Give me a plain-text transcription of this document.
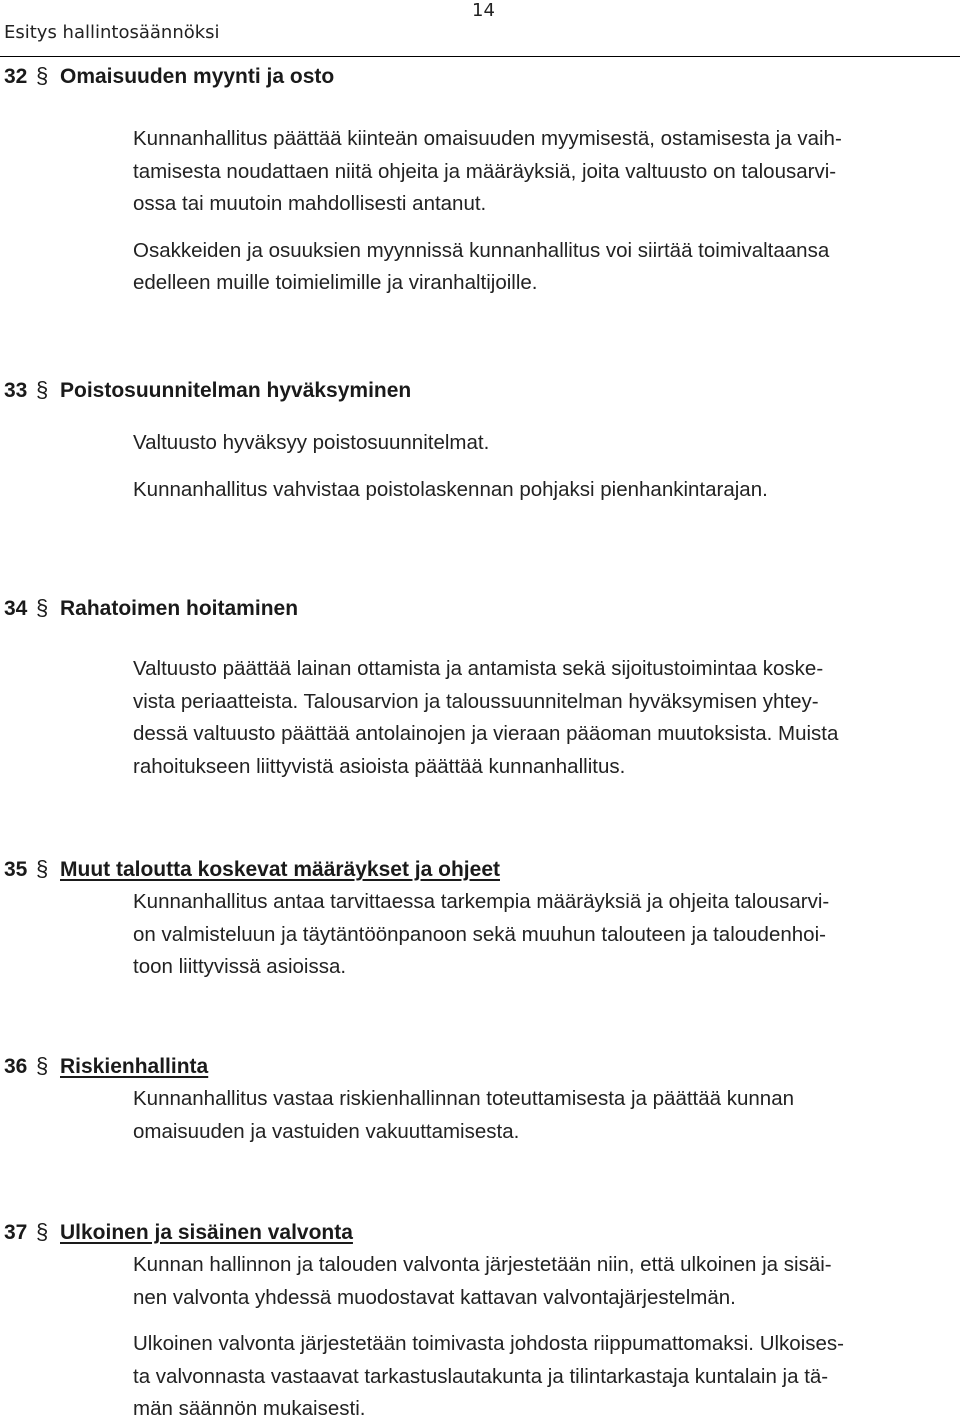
Esitys hallintosäännöksi
14
32 § Omaisuuden myynti ja osto

Kunnanhallitus päättää kiinteän omaisuuden myymisestä, ostamisesta ja vaih-
tamisesta noudattaen niitä ohjeita ja määräyksiä, joita valtuusto on talousarvi-
ossa tai muutoin mahdollisesti antanut.

Osakkeiden ja osuuksien myynnissä kunnanhallitus voi siirtää toimivaltaansa
edelleen muille toimielimille ja viranhaltijoille.

33 § Poistosuunnitelman hyväksyminen

Valtuusto hyväksyy poistosuunnitelmat.

Kunnanhallitus vahvistaa poistolaskennan pohjaksi pienhankintarajan.

34 § Rahatoimen hoitaminen

Valtuusto päättää lainan ottamista ja antamista sekä sijoitustoimintaa koske-
vista periaatteista. Talousarvion ja taloussuunnitelman hyväksymisen yhtey-
dessä valtuusto päättää antolainojen ja vieraan pääoman muutoksista. Muista
rahoitukseen liittyvistä asioista päättää kunnanhallitus.

35 § Muut taloutta koskevat määräykset ja ohjeet

Kunnanhallitus antaa tarvittaessa tarkempia määräyksiä ja ohjeita talousarvi-
on valmisteluun ja täytäntöönpanoon sekä muuhun talouteen ja taloudenhoi-
toon liittyvissä asioissa.

36 § Riskienhallinta

Kunnanhallitus vastaa riskienhallinnan toteuttamisesta ja päättää kunnan
omaisuuden ja vastuiden vakuuttamisesta.

37 § Ulkoinen ja sisäinen valvonta

Kunnan hallinnon ja talouden valvonta järjestetään niin, että ulkoinen ja sisäi-
nen valvonta yhdessä muodostavat kattavan valvontajärjestelmän.

Ulkoinen valvonta järjestetään toimivasta johdosta riippumattomaksi. Ulkoises-
ta valvonnasta vastaavat tarkastuslautakunta ja tilintarkastaja kuntalain ja tä-
män säännön mukaisesti.
